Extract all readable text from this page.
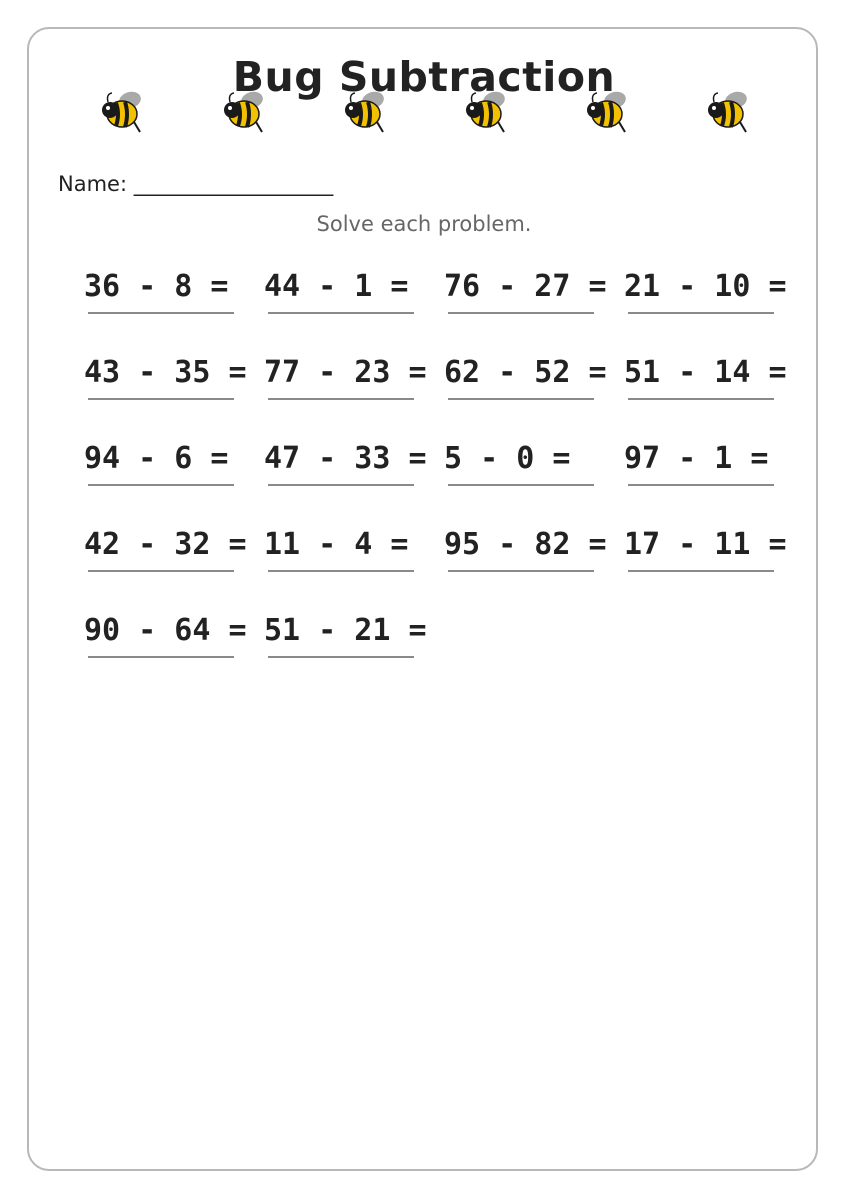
Bug Subtraction
Name: ___________________
Solve each problem.
36 - 8 = 44 - 1 = 76 - 27 = 21 - 10 =
43 - 35 = 77 - 23 = 62 - 52 = 51 - 14 =
94 - 6 = 47 - 33 = 5 - 0 = 97 - 1 =
42 - 32 = 11 - 4 = 95 - 82 = 17 - 11 =
90 - 64 = 51 - 21 =
